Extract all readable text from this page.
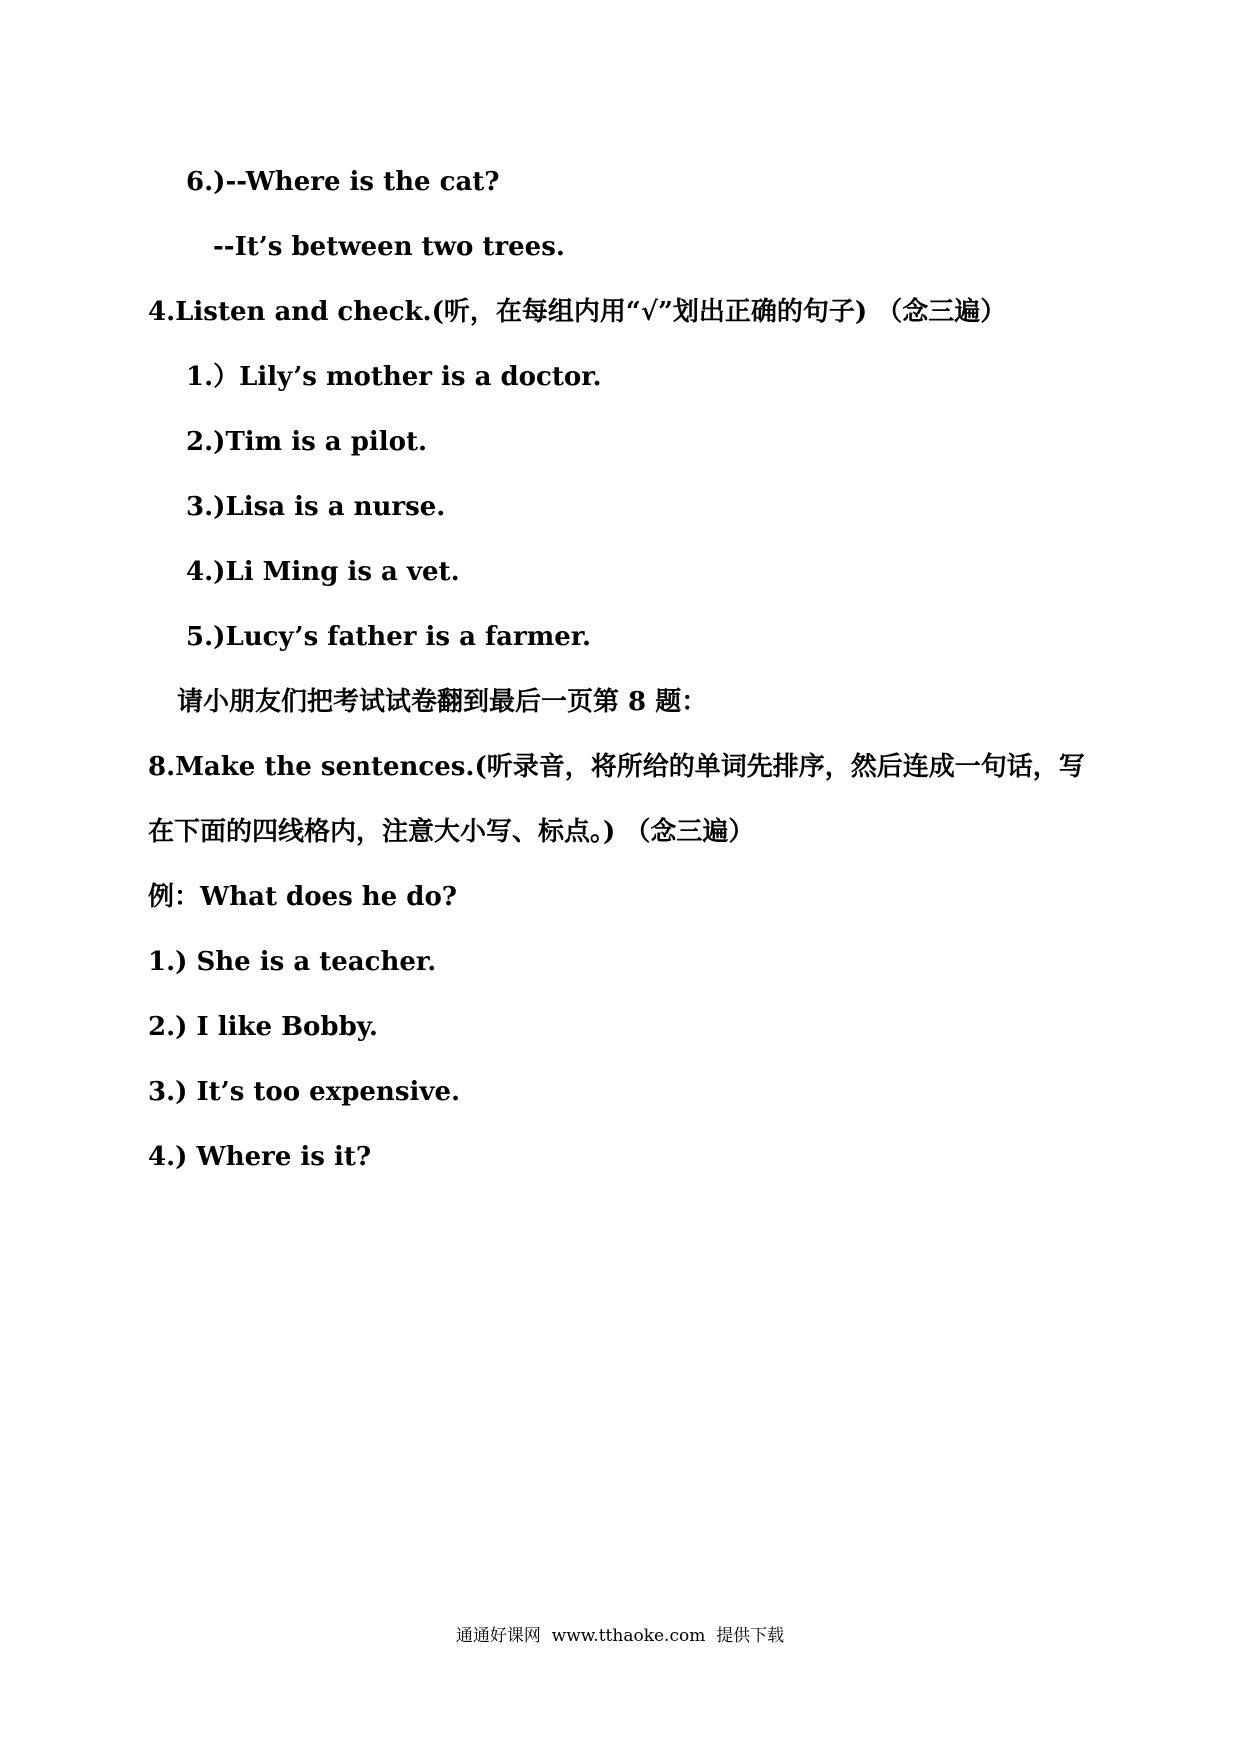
6.)--Where is the cat?

--It’s between two trees.

4.Listen and check.(听，在每组内用“√”划出正确的句子) （念三遍）

1.）Lily’s mother is a doctor.

2.)Tim is a pilot.

3.)Lisa is a nurse.

4.)Li Ming is a vet.

5.)Lucy’s father is a farmer.

请小朋友们把考试试卷翻到最后一页第 8 题：

8.Make the sentences.(听录音，将所给的单词先排序，然后连成一句话，写

在下面的四线格内，注意大小写、标点。) （念三遍）

例：What does he do?

1.) She is a teacher.

2.) I like Bobby.

3.) It’s too expensive.

4.) Where is it?

通通好课网  www.tthaoke.com  提供下载
